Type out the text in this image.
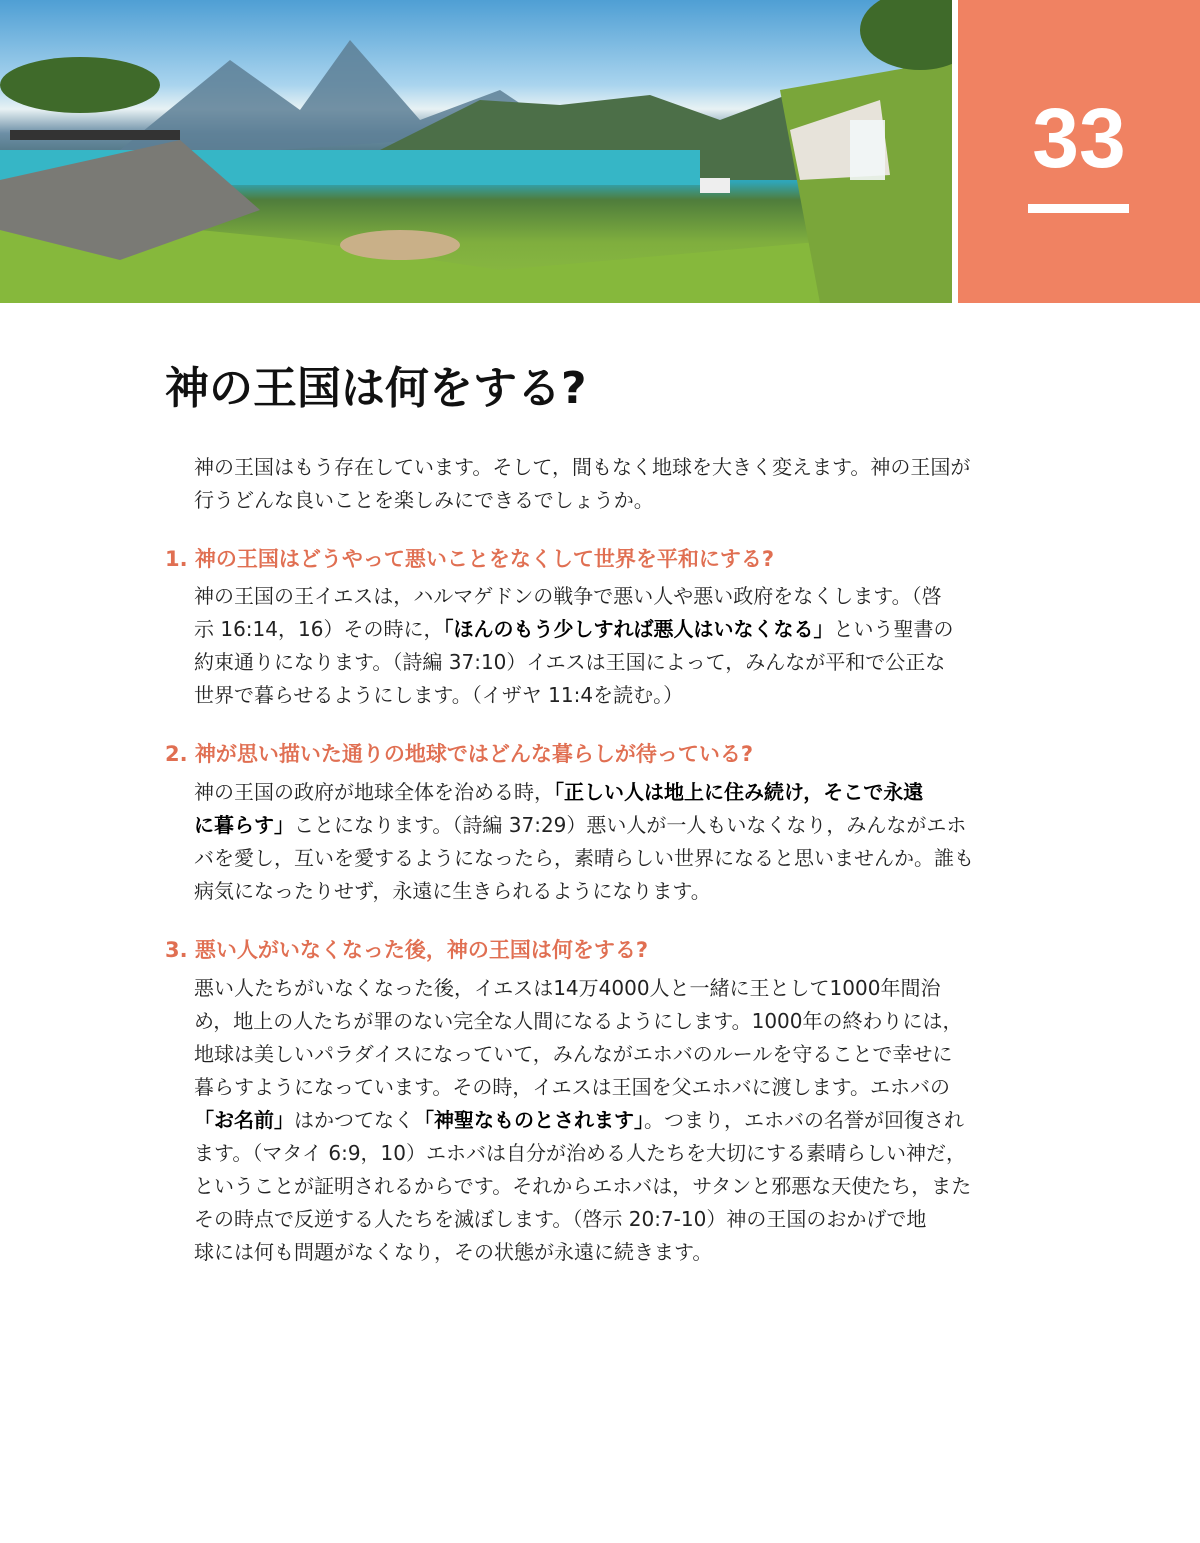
33
神の王国は何をする?
神の王国はもう存在しています。そして，間もなく地球を大きく変えます。神の王国が
行うどんな良いことを楽しみにできるでしょうか。
1. 神の王国はどうやって悪いことをなくして世界を平和にする?
神の王国の王イエスは，ハルマゲドンの戦争で悪い人や悪い政府をなくします。（啓
示 16:14，16）その時に，「ほんのもう少しすれば悪人はいなくなる」という聖書の
約束通りになります。（詩編 37:10）イエスは王国によって，みんなが平和で公正な
世界で暮らせるようにします。（イザヤ 11:4を読む。）
2. 神が思い描いた通りの地球ではどんな暮らしが待っている?
神の王国の政府が地球全体を治める時，「正しい人は地上に住み続け，そこで永遠
に暮らす」ことになります。（詩編 37:29）悪い人が一人もいなくなり，みんながエホ
バを愛し，互いを愛するようになったら，素晴らしい世界になると思いませんか。誰も
病気になったりせず，永遠に生きられるようになります。
3. 悪い人がいなくなった後，神の王国は何をする?
悪い人たちがいなくなった後，イエスは14万4000人と一緒に王として1000年間治
め，地上の人たちが罪のない完全な人間になるようにします。1000年の終わりには，
地球は美しいパラダイスになっていて，みんながエホバのルールを守ることで幸せに
暮らすようになっています。その時，イエスは王国を父エホバに渡します。エホバの
「お名前」はかつてなく「神聖なものとされます」。つまり，エホバの名誉が回復され
ます。（マタイ 6:9，10）エホバは自分が治める人たちを大切にする素晴らしい神だ，
ということが証明されるからです。それからエホバは，サタンと邪悪な天使たち，また
その時点で反逆する人たちを滅ぼします。（啓示 20:7-10）神の王国のおかげで地
球には何も問題がなくなり，その状態が永遠に続きます。
